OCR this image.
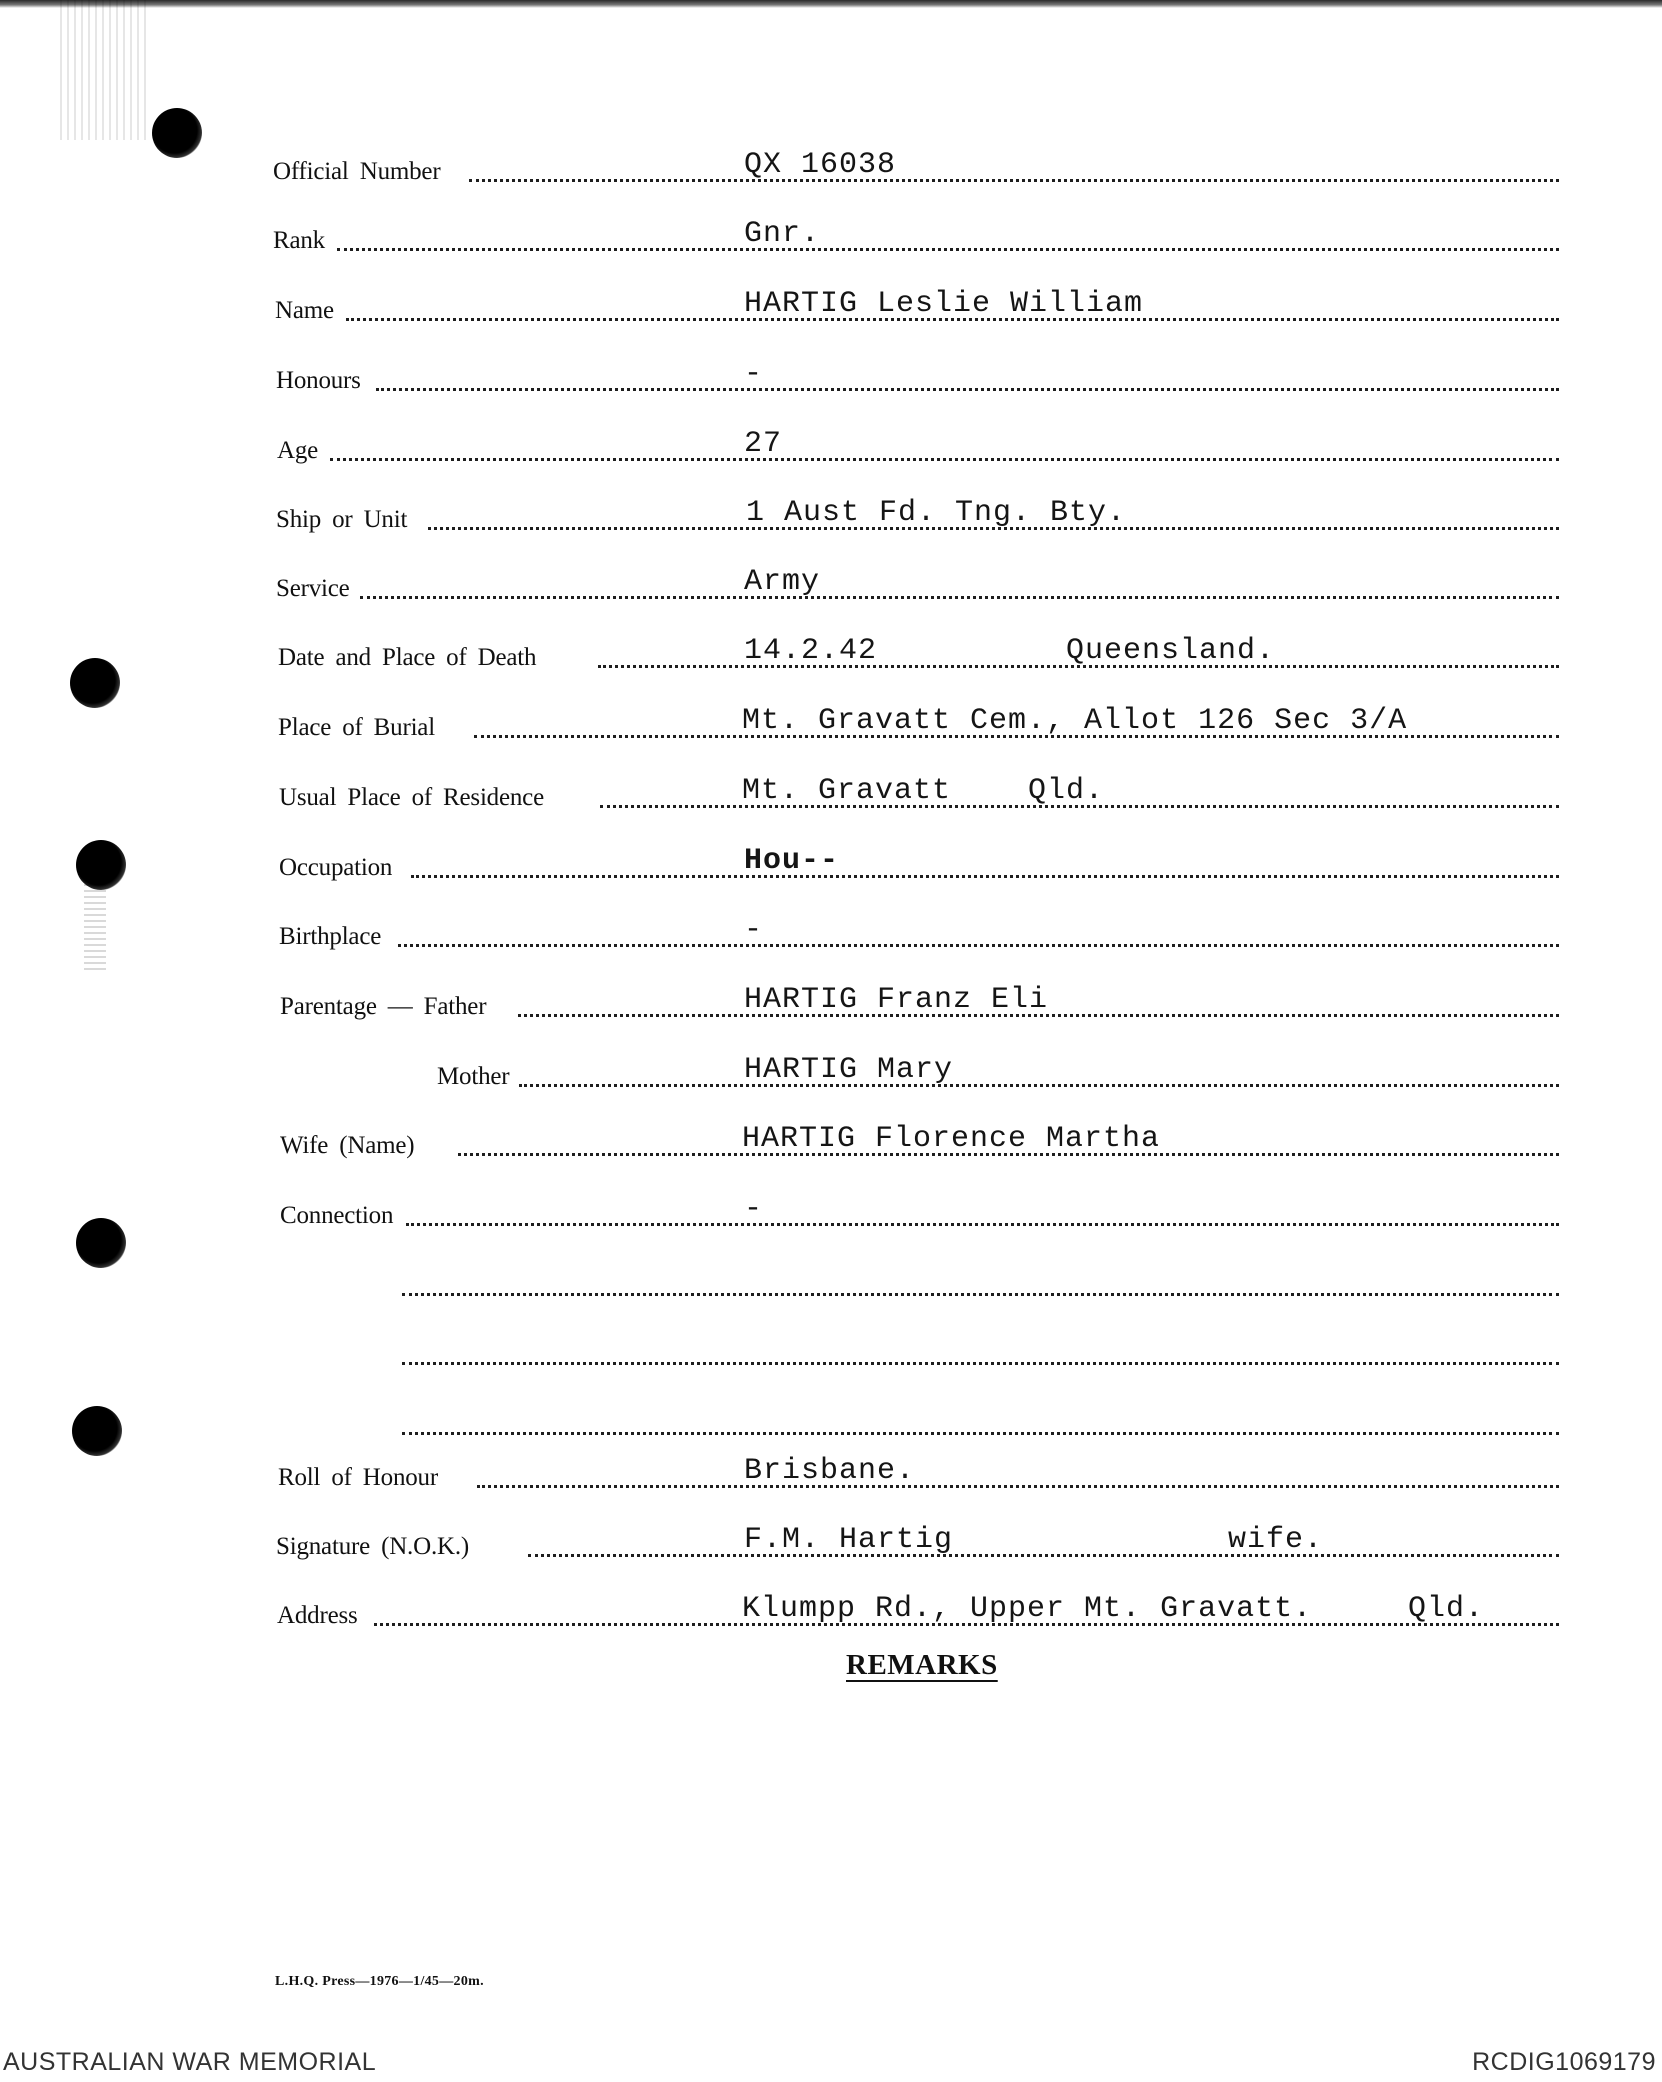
Official Number	QX 16038
Rank	Gnr.
Name	HARTIG Leslie William
Honours	-
Age	27
Ship or Unit	1 Aust Fd. Tng. Bty.
Service	Army
Date and Place of Death	14.2.42	Queensland.
Place of Burial	Mt. Gravatt Cem., Allot 126 Sec 3/A
Usual Place of Residence	Mt. Gravatt	Qld.
Occupation	Hou--
Birthplace	-
Parentage — Father	HARTIG Franz Eli
Mother	HARTIG Mary
Wife (Name)	HARTIG Florence Martha
Connection	-
Roll of Honour	Brisbane.
Signature (N.O.K.)	F.M. Hartig	wife.
Address	Klumpp Rd., Upper Mt. Gravatt.	Qld.
REMARKS
L.H.Q. Press—1976—1/45—20m.
AUSTRALIAN WAR MEMORIAL	RCDIG1069179
